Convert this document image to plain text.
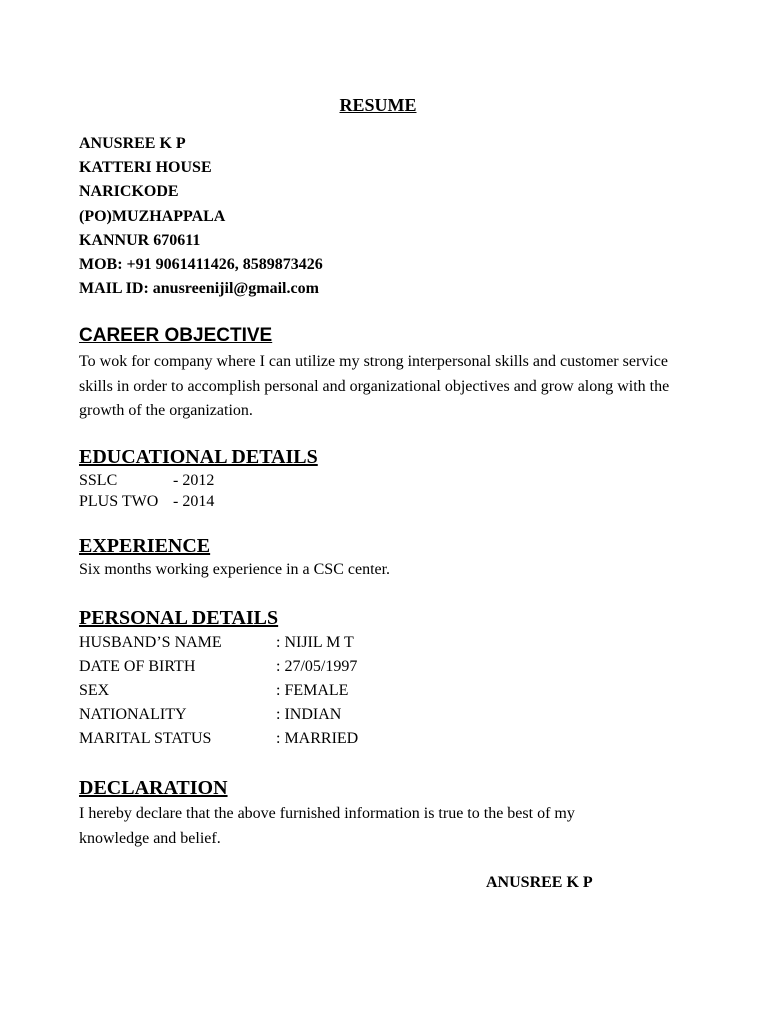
RESUME
ANUSREE K P
KATTERI HOUSE
NARICKODE
(PO)MUZHAPPALA
KANNUR 670611
MOB: +91 9061411426, 8589873426
MAIL ID: anusreenijil@gmail.com
CAREER OBJECTIVE

To wok for company where I can utilize my strong interpersonal skills and customer service skills in order to accomplish personal and organizational objectives and grow along with the growth of the organization.

EDUCATIONAL DETAILS
SSLC	- 2012
PLUS TWO - 2014
EXPERIENCE

Six months working experience in a CSC center.

PERSONAL DETAILS
HUSBAND’S NAME	: NIJIL M T
DATE OF BIRTH	: 27/05/1997
SEX	: FEMALE
NATIONALITY	: INDIAN
MARITAL STATUS	: MARRIED
DECLARATION

I hereby declare that the above furnished information is true to the best of my knowledge and belief.

ANUSREE K P
